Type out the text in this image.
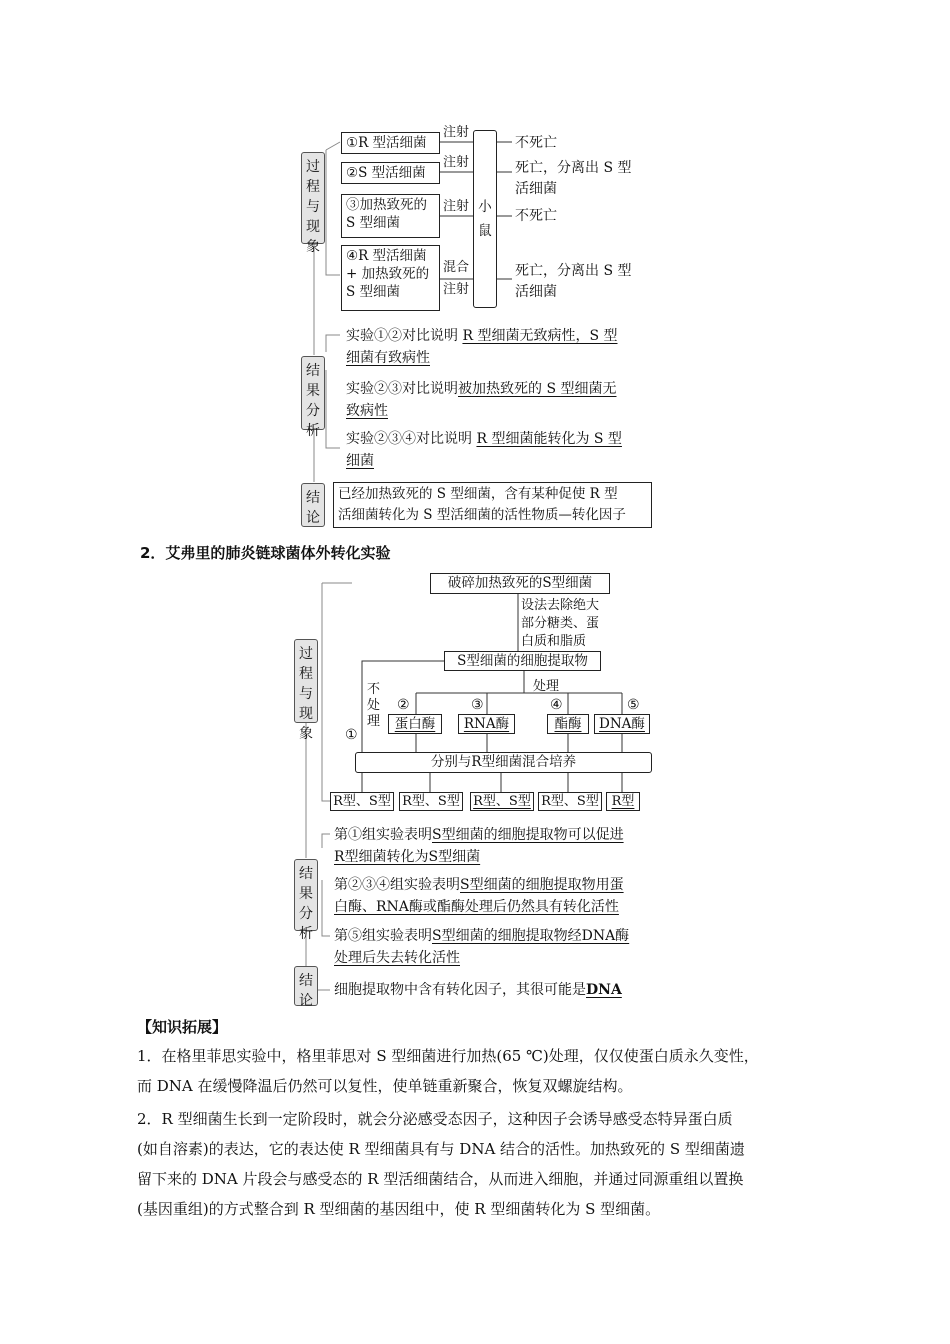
过程与现象
结果分析
结论
①R 型活细菌
②S 型活细菌
③加热致死的
S 型细菌
④R 型活细菌
+ 加热致死的
S 型细菌
注射
注射
注射
混合
注射
小鼠
不死亡
死亡，分离出 S 型
活细菌
不死亡
死亡，分离出 S 型
活细菌
实验①②对比说明 R 型细菌无致病性，S 型
细菌有致病性
实验②③对比说明被加热致死的 S 型细菌无
致病性
实验②③④对比说明 R 型细菌能转化为 S 型
细菌
已经加热致死的 S 型细菌，含有某种促使 R 型
活细菌转化为 S 型活细菌的活性物质—转化因子
2．艾弗里的肺炎链球菌体外转化实验
过程与现象
结果分析
结论
破碎加热致死的S型细菌
设法去除绝大
部分糖类、蛋
白质和脂质
S型细菌的细胞提取物
不处理
处理
①
②	③	④	⑤
蛋白酶	RNA酶	酯酶	DNA酶
分别与R型细菌混合培养
R型、S型 R型、S型 R型、S型 R型、S型 R型
第①组实验表明S型细菌的细胞提取物可以促进
R型细菌转化为S型细菌
第②③④组实验表明S型细菌的细胞提取物用蛋
白酶、RNA酶或酯酶处理后仍然具有转化活性
第⑤组实验表明S型细菌的细胞提取物经DNA酶
处理后失去转化活性
细胞提取物中含有转化因子，其很可能是DNA
【知识拓展】
1．在格里菲思实验中，格里菲思对 S 型细菌进行加热(65 ℃)处理，仅仅使蛋白质永久变性，
而 DNA 在缓慢降温后仍然可以复性，使单链重新聚合，恢复双螺旋结构。
2．R 型细菌生长到一定阶段时，就会分泌感受态因子，这种因子会诱导感受态特异蛋白质
(如自溶素)的表达，它的表达使 R 型细菌具有与 DNA 结合的活性。加热致死的 S 型细菌遗
留下来的 DNA 片段会与感受态的 R 型活细菌结合，从而进入细胞，并通过同源重组以置换
(基因重组)的方式整合到 R 型细菌的基因组中，使 R 型细菌转化为 S 型细菌。
